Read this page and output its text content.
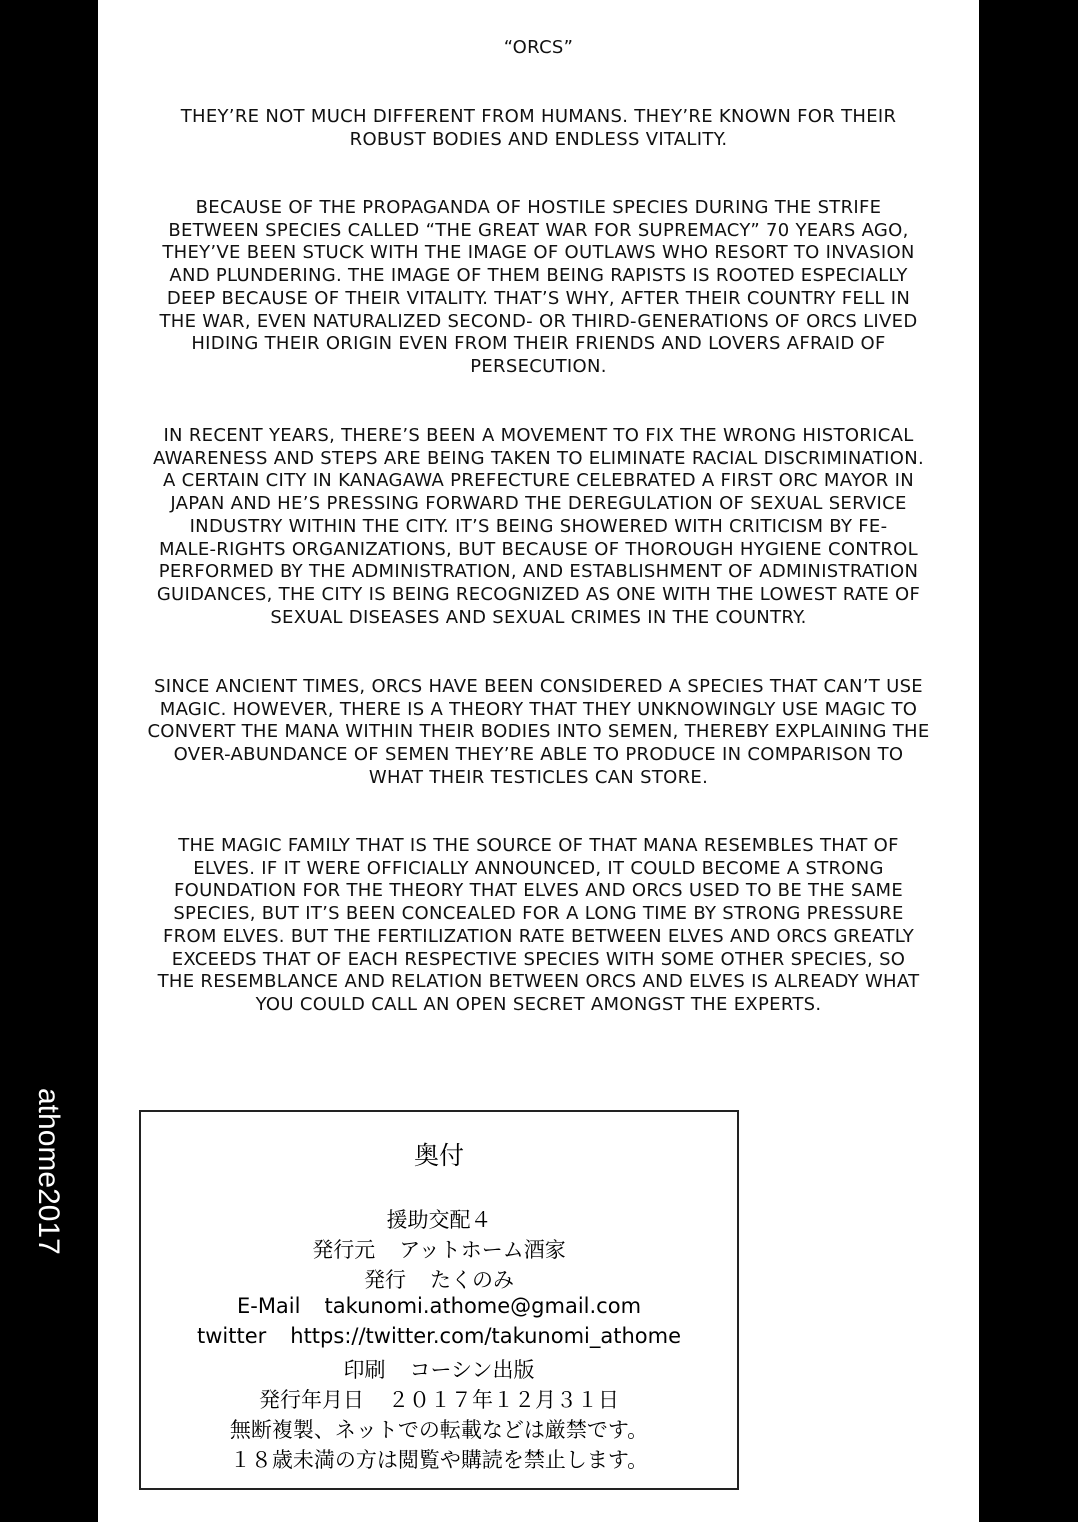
athome2017
“ORCS”
THEY’RE NOT MUCH DIFFERENT FROM HUMANS. THEY’RE KNOWN FOR THEIR
ROBUST BODIES AND ENDLESS VITALITY.
BECAUSE OF THE PROPAGANDA OF HOSTILE SPECIES DURING THE STRIFE
BETWEEN SPECIES CALLED “THE GREAT WAR FOR SUPREMACY” 70 YEARS AGO,
THEY’VE BEEN STUCK WITH THE IMAGE OF OUTLAWS WHO RESORT TO INVASION
AND PLUNDERING. THE IMAGE OF THEM BEING RAPISTS IS ROOTED ESPECIALLY
DEEP BECAUSE OF THEIR VITALITY. THAT’S WHY, AFTER THEIR COUNTRY FELL IN
THE WAR, EVEN NATURALIZED SECOND- OR THIRD-GENERATIONS OF ORCS LIVED
HIDING THEIR ORIGIN EVEN FROM THEIR FRIENDS AND LOVERS AFRAID OF
PERSECUTION.
IN RECENT YEARS, THERE’S BEEN A MOVEMENT TO FIX THE WRONG HISTORICAL
AWARENESS AND STEPS ARE BEING TAKEN TO ELIMINATE RACIAL DISCRIMINATION.
A CERTAIN CITY IN KANAGAWA PREFECTURE CELEBRATED A FIRST ORC MAYOR IN
JAPAN AND HE’S PRESSING FORWARD THE DEREGULATION OF SEXUAL SERVICE
INDUSTRY WITHIN THE CITY. IT’S BEING SHOWERED WITH CRITICISM BY FE-
MALE-RIGHTS ORGANIZATIONS, BUT BECAUSE OF THOROUGH HYGIENE CONTROL
PERFORMED BY THE ADMINISTRATION, AND ESTABLISHMENT OF ADMINISTRATION
GUIDANCES, THE CITY IS BEING RECOGNIZED AS ONE WITH THE LOWEST RATE OF
SEXUAL DISEASES AND SEXUAL CRIMES IN THE COUNTRY.
SINCE ANCIENT TIMES, ORCS HAVE BEEN CONSIDERED A SPECIES THAT CAN’T USE
MAGIC. HOWEVER, THERE IS A THEORY THAT THEY UNKNOWINGLY USE MAGIC TO
CONVERT THE MANA WITHIN THEIR BODIES INTO SEMEN, THEREBY EXPLAINING THE
OVER-ABUNDANCE OF SEMEN THEY’RE ABLE TO PRODUCE IN COMPARISON TO
WHAT THEIR TESTICLES CAN STORE.
THE MAGIC FAMILY THAT IS THE SOURCE OF THAT MANA RESEMBLES THAT OF
ELVES. IF IT WERE OFFICIALLY ANNOUNCED, IT COULD BECOME A STRONG
FOUNDATION FOR THE THEORY THAT ELVES AND ORCS USED TO BE THE SAME
SPECIES, BUT IT’S BEEN CONCEALED FOR A LONG TIME BY STRONG PRESSURE
FROM ELVES. BUT THE FERTILIZATION RATE BETWEEN ELVES AND ORCS GREATLY
EXCEEDS THAT OF EACH RESPECTIVE SPECIES WITH SOME OTHER SPECIES, SO
THE RESEMBLANCE AND RELATION BETWEEN ORCS AND ELVES IS ALREADY WHAT
YOU COULD CALL AN OPEN SECRET AMONGST THE EXPERTS.
奥付
援助交配４
発行元 アットホーム酒家
発行 たくのみ
E-Mail takunomi.athome@gmail.com
twitter https://twitter.com/takunomi_athome
印刷 コーシン出版
発行年月日 ２０１７年１２月３１日
無断複製、ネットでの転載などは厳禁です。
１８歳未満の方は閲覧や購読を禁止します。
